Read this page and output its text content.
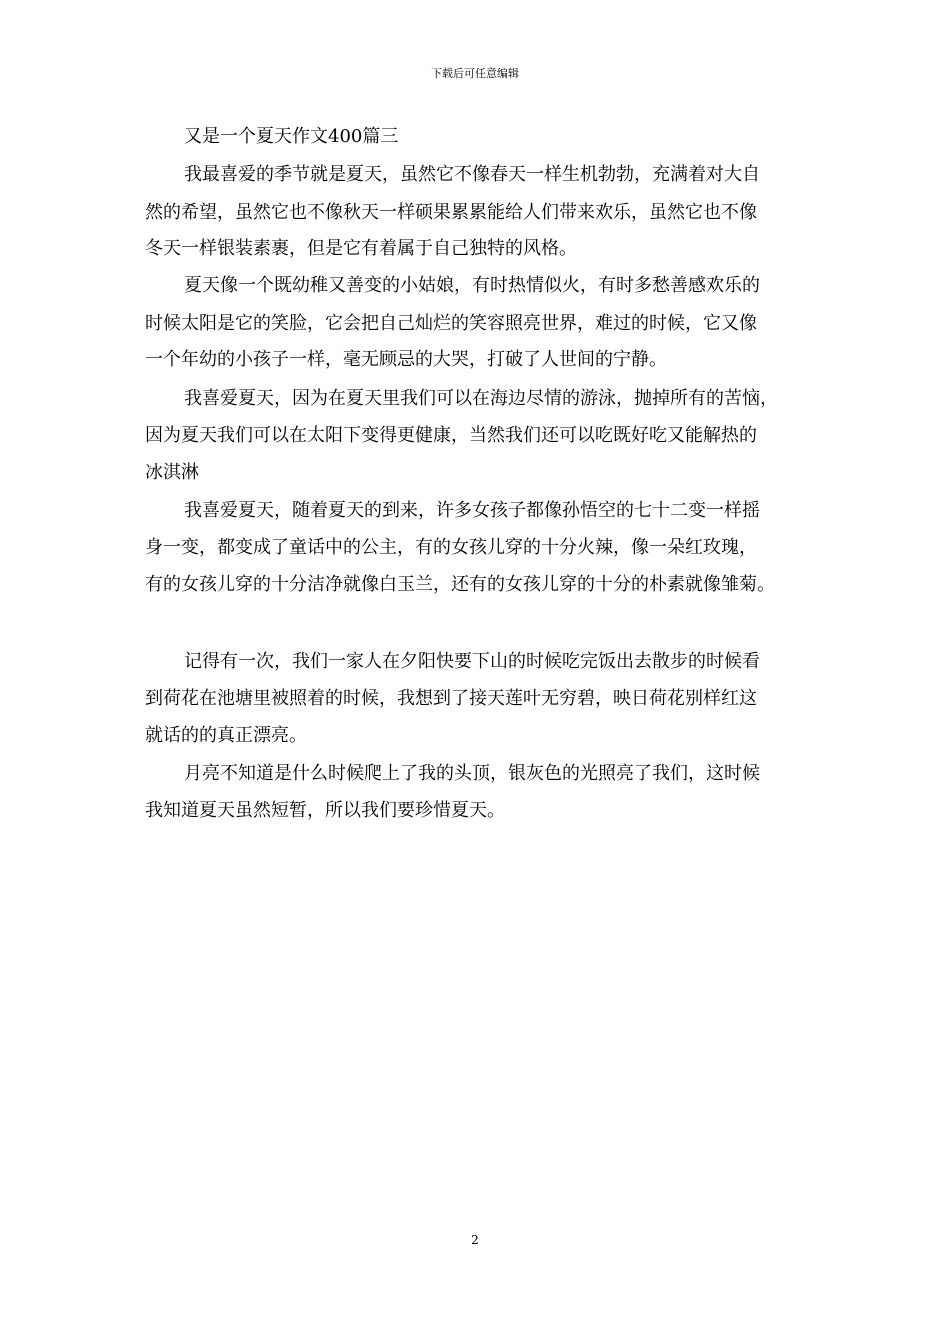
下载后可任意编辑
又是一个夏天作文400篇三
我最喜爱的季节就是夏天，虽然它不像春天一样生机勃勃，充满着对大自
然的希望，虽然它也不像秋天一样硕果累累能给人们带来欢乐，虽然它也不像
冬天一样银装素裹，但是它有着属于自己独特的风格。
夏天像一个既幼稚又善变的小姑娘，有时热情似火，有时多愁善感欢乐的
时候太阳是它的笑脸，它会把自己灿烂的笑容照亮世界，难过的时候，它又像
一个年幼的小孩子一样，毫无顾忌的大哭，打破了人世间的宁静。
我喜爱夏天，因为在夏天里我们可以在海边尽情的游泳，抛掉所有的苦恼，
因为夏天我们可以在太阳下变得更健康，当然我们还可以吃既好吃又能解热的
冰淇淋
我喜爱夏天，随着夏天的到来，许多女孩子都像孙悟空的七十二变一样摇
身一变，都变成了童话中的公主，有的女孩儿穿的十分火辣，像一朵红玫瑰，
有的女孩儿穿的十分洁净就像白玉兰，还有的女孩儿穿的十分的朴素就像雏菊。
记得有一次，我们一家人在夕阳快要下山的时候吃完饭出去散步的时候看
到荷花在池塘里被照着的时候，我想到了接天莲叶无穷碧，映日荷花别样红这
就话的的真正漂亮。
月亮不知道是什么时候爬上了我的头顶，银灰色的光照亮了我们，这时候
我知道夏天虽然短暂，所以我们要珍惜夏天。
2
